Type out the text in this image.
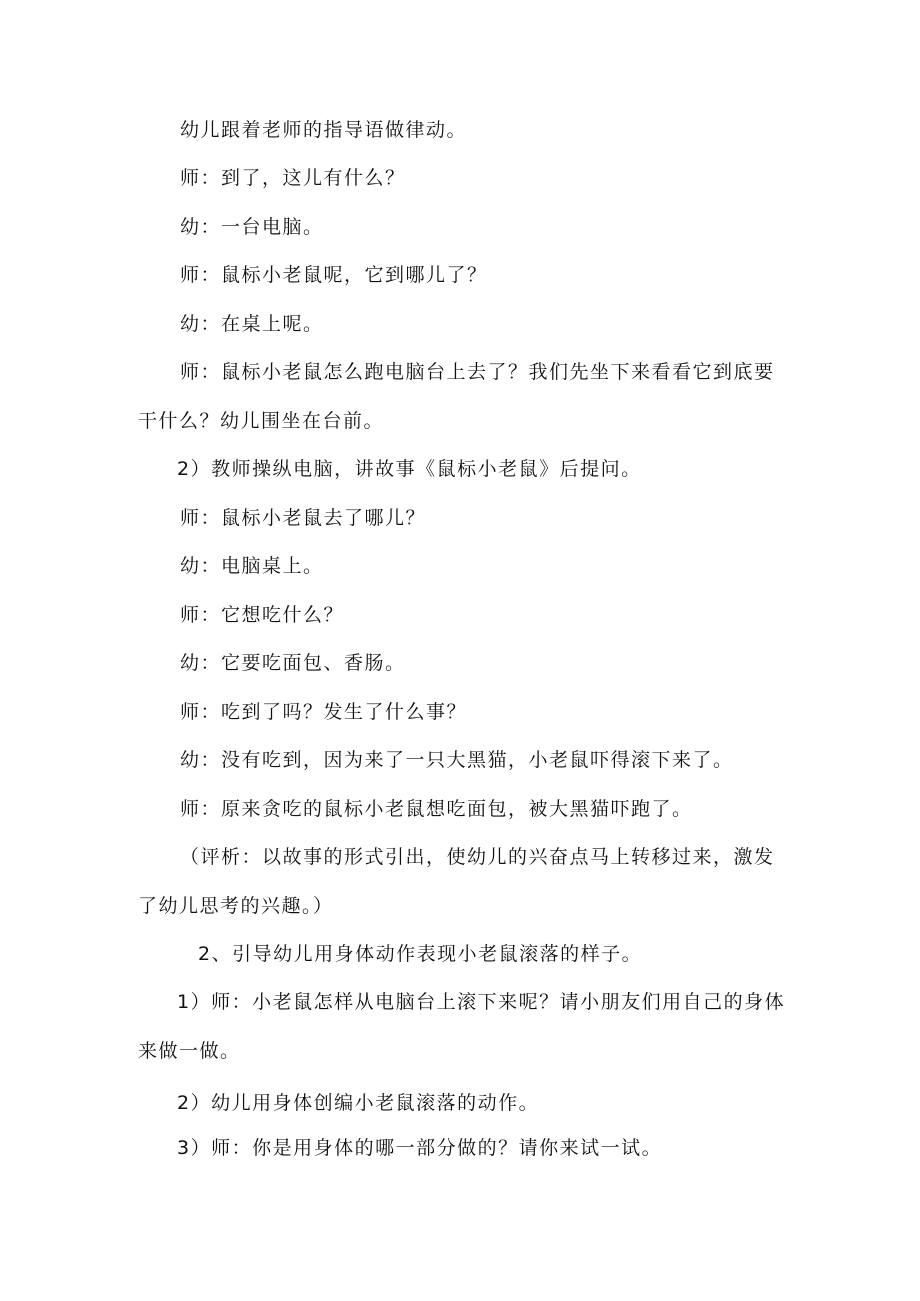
幼儿跟着老师的指导语做律动。
师：到了，这儿有什么？
幼：一台电脑。
师：鼠标小老鼠呢，它到哪儿了？
幼：在桌上呢。
师：鼠标小老鼠怎么跑电脑台上去了？我们先坐下来看看它到底要
干什么？幼儿围坐在台前。
2）教师操纵电脑，讲故事《鼠标小老鼠》后提问。
师：鼠标小老鼠去了哪儿？
幼：电脑桌上。
师：它想吃什么？
幼：它要吃面包、香肠。
师：吃到了吗？发生了什么事？
幼：没有吃到，因为来了一只大黑猫，小老鼠吓得滚下来了。
师：原来贪吃的鼠标小老鼠想吃面包，被大黑猫吓跑了。
（评析：以故事的形式引出，使幼儿的兴奋点马上转移过来，激发
了幼儿思考的兴趣。）
2、引导幼儿用身体动作表现小老鼠滚落的样子。
1）师：小老鼠怎样从电脑台上滚下来呢？请小朋友们用自己的身体
来做一做。
2）幼儿用身体创编小老鼠滚落的动作。
3）师：你是用身体的哪一部分做的？请你来试一试。
